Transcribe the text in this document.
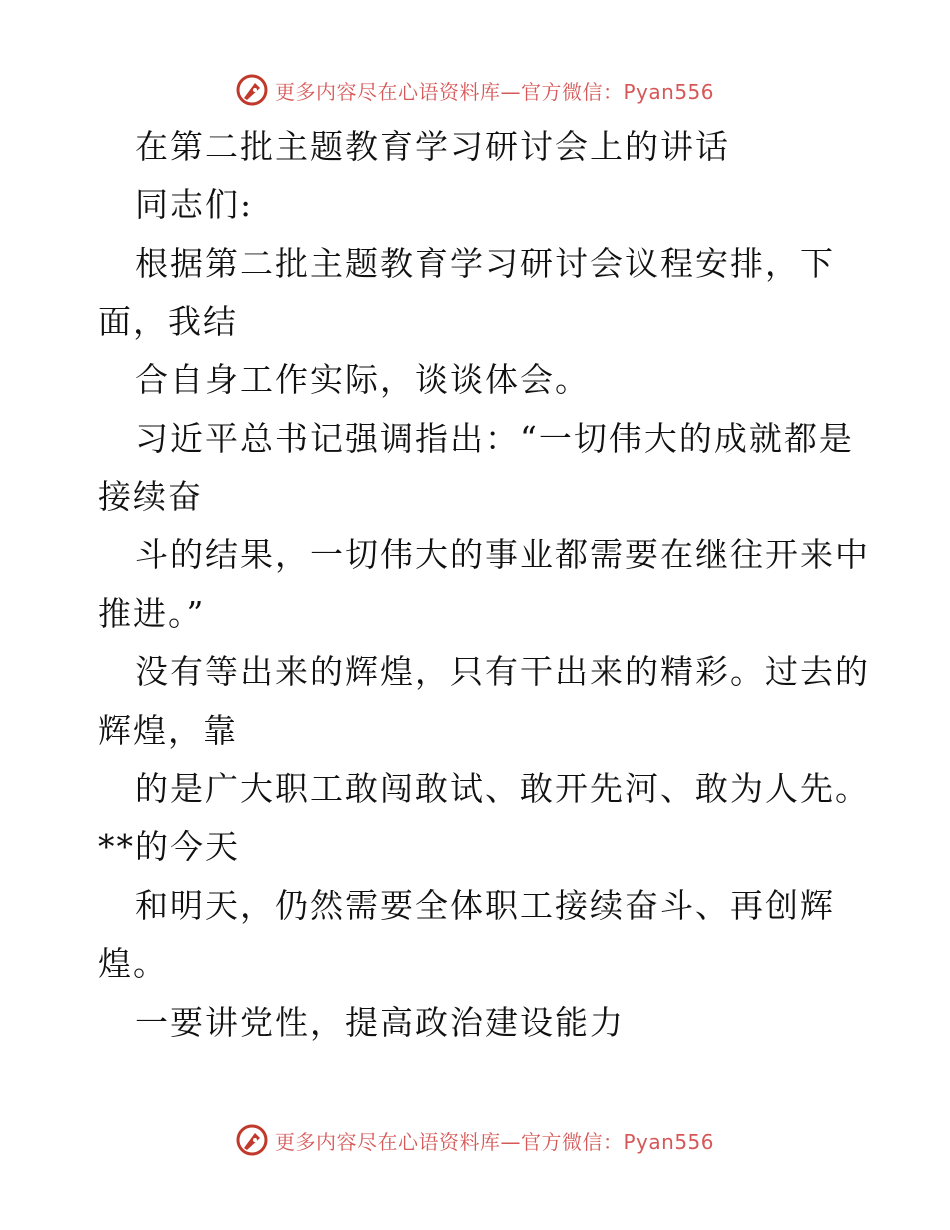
更多内容尽在心语资料库—官方微信：Pyan556

在第二批主题教育学习研讨会上的讲话

同志们:

根据第二批主题教育学习研讨会议程安排，下

面，我结

合自身工作实际，谈谈体会。

习近平总书记强调指出：“一切伟大的成就都是

接续奋

斗的结果，一切伟大的事业都需要在继往开来中

推进。”

没有等出来的辉煌，只有干出来的精彩。过去的

辉煌，靠

的是广大职工敢闯敢试、敢开先河、敢为人先。

**的今天

和明天，仍然需要全体职工接续奋斗、再创辉

煌。

一要讲党性，提高政治建设能力

更多内容尽在心语资料库—官方微信：Pyan556
